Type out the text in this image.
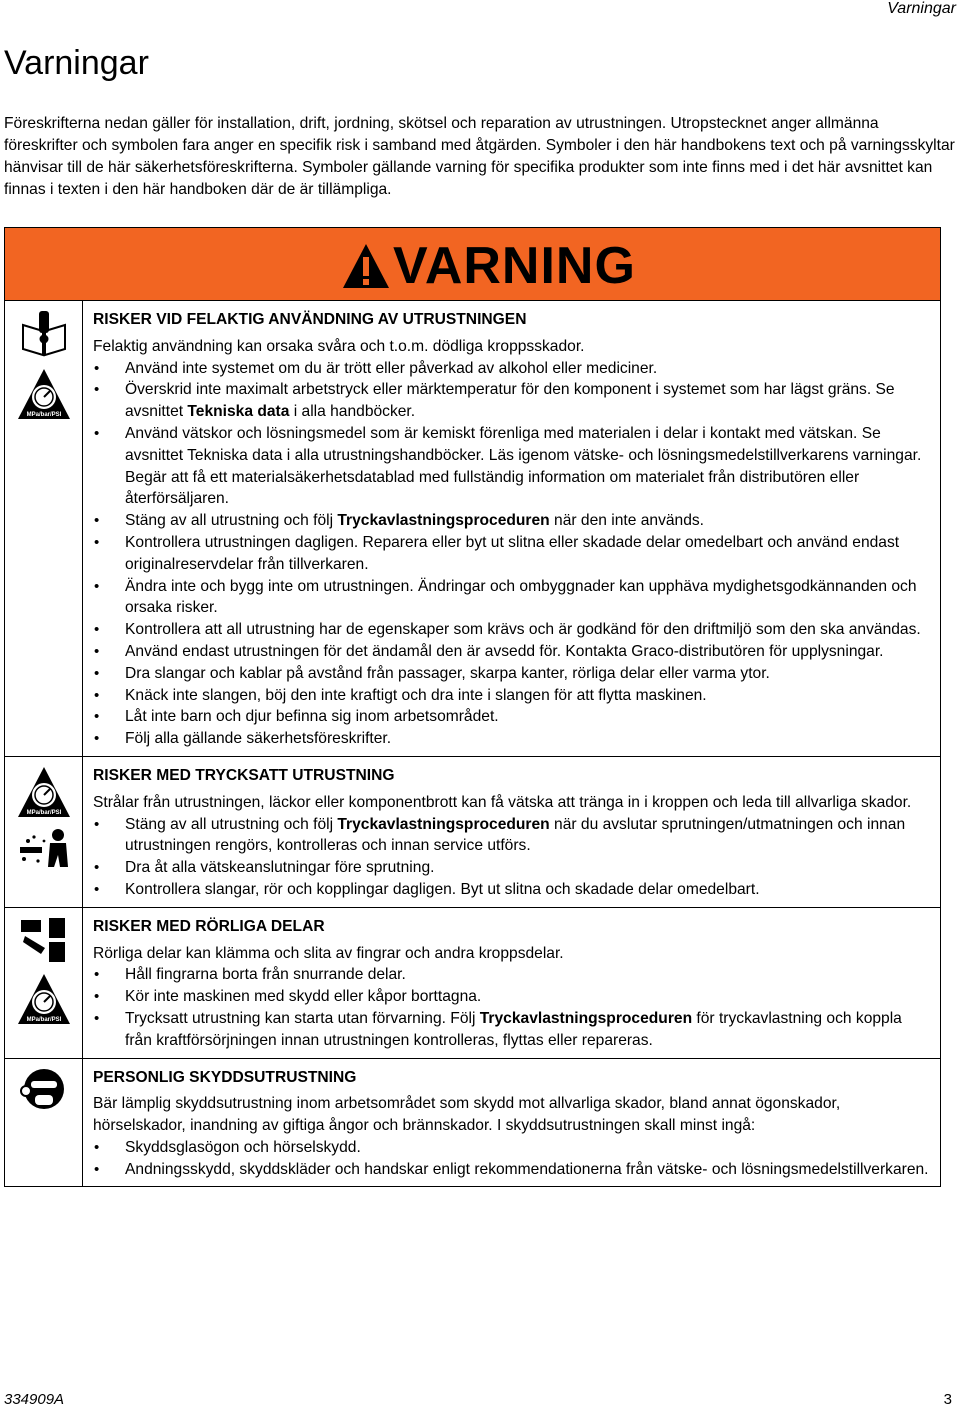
Varningar
Varningar

Föreskrifterna nedan gäller för installation, drift, jordning, skötsel och reparation av utrustningen. Utropstecknet anger allmänna föreskrifter och symbolen fara anger en specifik risk i samband med åtgärden. Symboler i den här handbokens text och på varningsskyltar hänvisar till de här säkerhetsföreskrifterna. Symboler gällande varning för specifika produkter som inte finns med i det här avsnittet kan finnas i texten i den här handboken där de är tillämpliga.

VARNING
MPa/bar/PSI
RISKER VID FELAKTIG ANVÄNDNING AV UTRUSTNINGEN
Felaktig användning kan orsaka svåra och t.o.m. dödliga kroppsskador.
• Använd inte systemet om du är trött eller påverkad av alkohol eller mediciner.
• Överskrid inte maximalt arbetstryck eller märktemperatur för den komponent i systemet som har lägst gräns. Se avsnittet Tekniska data i alla handböcker.
• Använd vätskor och lösningsmedel som är kemiskt förenliga med materialen i delar i kontakt med vätskan. Se avsnittet Tekniska data i alla utrustningshandböcker. Läs igenom vätske- och lösningsmedelstillverkarens varningar. Begär att få ett materialsäkerhetsdatablad med fullständig information om materialet från distributören eller återförsäljaren.
• Stäng av all utrustning och följ Tryckavlastningsproceduren när den inte används.
• Kontrollera utrustningen dagligen. Reparera eller byt ut slitna eller skadade delar omedelbart och använd endast originalreservdelar från tillverkaren.
• Ändra inte och bygg inte om utrustningen. Ändringar och ombyggnader kan upphäva mydighetsgodkännanden och orsaka risker.
• Kontrollera att all utrustning har de egenskaper som krävs och är godkänd för den driftmiljö som den ska användas.
• Använd endast utrustningen för det ändamål den är avsedd för. Kontakta Graco-distributören för upplysningar.
• Dra slangar och kablar på avstånd från passager, skarpa kanter, rörliga delar eller varma ytor.
• Knäck inte slangen, böj den inte kraftigt och dra inte i slangen för att flytta maskinen.
• Låt inte barn och djur befinna sig inom arbetsområdet.
• Följ alla gällande säkerhetsföreskrifter.
MPa/bar/PSI
RISKER MED TRYCKSATT UTRUSTNING
Strålar från utrustningen, läckor eller komponentbrott kan få vätska att tränga in i kroppen och leda till allvarliga skador.
• Stäng av all utrustning och följ Tryckavlastningsproceduren när du avslutar sprutningen/utmatningen och innan utrustningen rengörs, kontrolleras och innan service utförs.
• Dra åt alla vätskeanslutningar före sprutning.
• Kontrollera slangar, rör och kopplingar dagligen. Byt ut slitna och skadade delar omedelbart.
MPa/bar/PSI
RISKER MED RÖRLIGA DELAR
Rörliga delar kan klämma och slita av fingrar och andra kroppsdelar.
• Håll fingrarna borta från snurrande delar.
• Kör inte maskinen med skydd eller kåpor borttagna.
• Trycksatt utrustning kan starta utan förvarning. Följ Tryckavlastningsproceduren för tryckavlastning och koppla från kraftförsörjningen innan utrustningen kontrolleras, flyttas eller repareras.
PERSONLIG SKYDDSUTRUSTNING
Bär lämplig skyddsutrustning inom arbetsområdet som skydd mot allvarliga skador, bland annat ögonskador, hörselskador, inandning av giftiga ångor och brännskador. I skyddsutrustningen skall minst ingå:
• Skyddsglasögon och hörselskydd.
• Andningsskydd, skyddskläder och handskar enligt rekommendationerna från vätske- och lösningsmedelstillverkaren.
334909A	3
